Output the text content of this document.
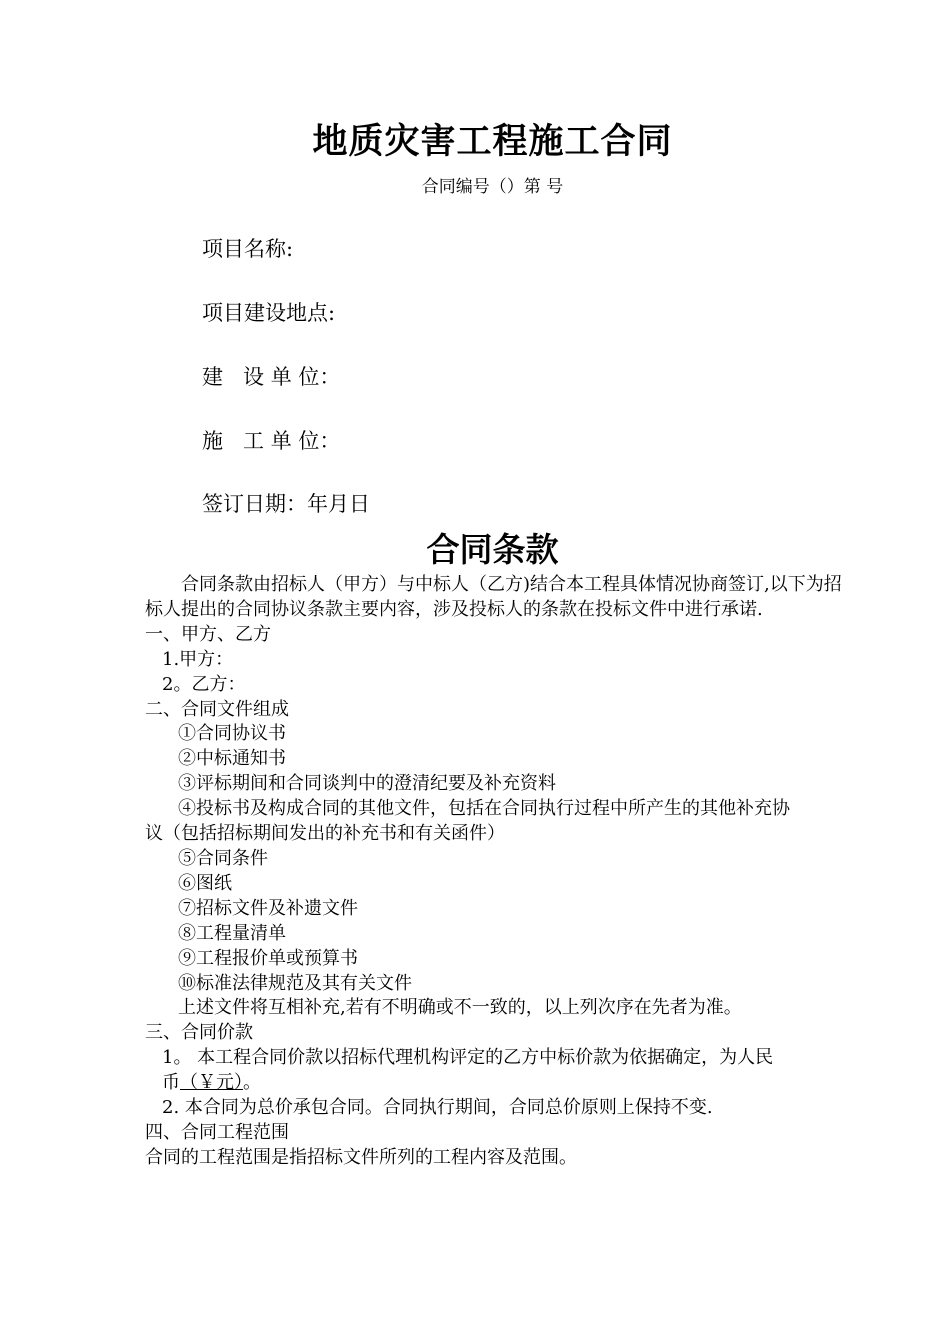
地质灾害工程施工合同
合同编号（）第 号
项目名称:
项目建设地点:
建   设 单 位：
施   工 单 位：
签订日期：年月日
合同条款

合同条款由招标人（甲方）与中标人（乙方)结合本工程具体情况协商签订,以下为招标人提出的合同协议条款主要内容，涉及投标人的条款在投标文件中进行承诺.

一、甲方、乙方

1.甲方：

2。乙方：

二、合同文件组成

①合同协议书

②中标通知书

③评标期间和合同谈判中的澄清纪要及补充资料

④投标书及构成合同的其他文件，包括在合同执行过程中所产生的其他补充协

议（包括招标期间发出的补充书和有关函件）

⑤合同条件

⑥图纸

⑦招标文件及补遗文件

⑧工程量清单

⑨工程报价单或预算书

⑩标准法律规范及其有关文件

上述文件将互相补充,若有不明确或不一致的，以上列次序在先者为准。

三、合同价款

1。 本工程合同价款以招标代理机构评定的乙方中标价款为依据确定，为人民

币（￥元）。

2. 本合同为总价承包合同。合同执行期间，合同总价原则上保持不变.

四、合同工程范围

合同的工程范围是指招标文件所列的工程内容及范围。
